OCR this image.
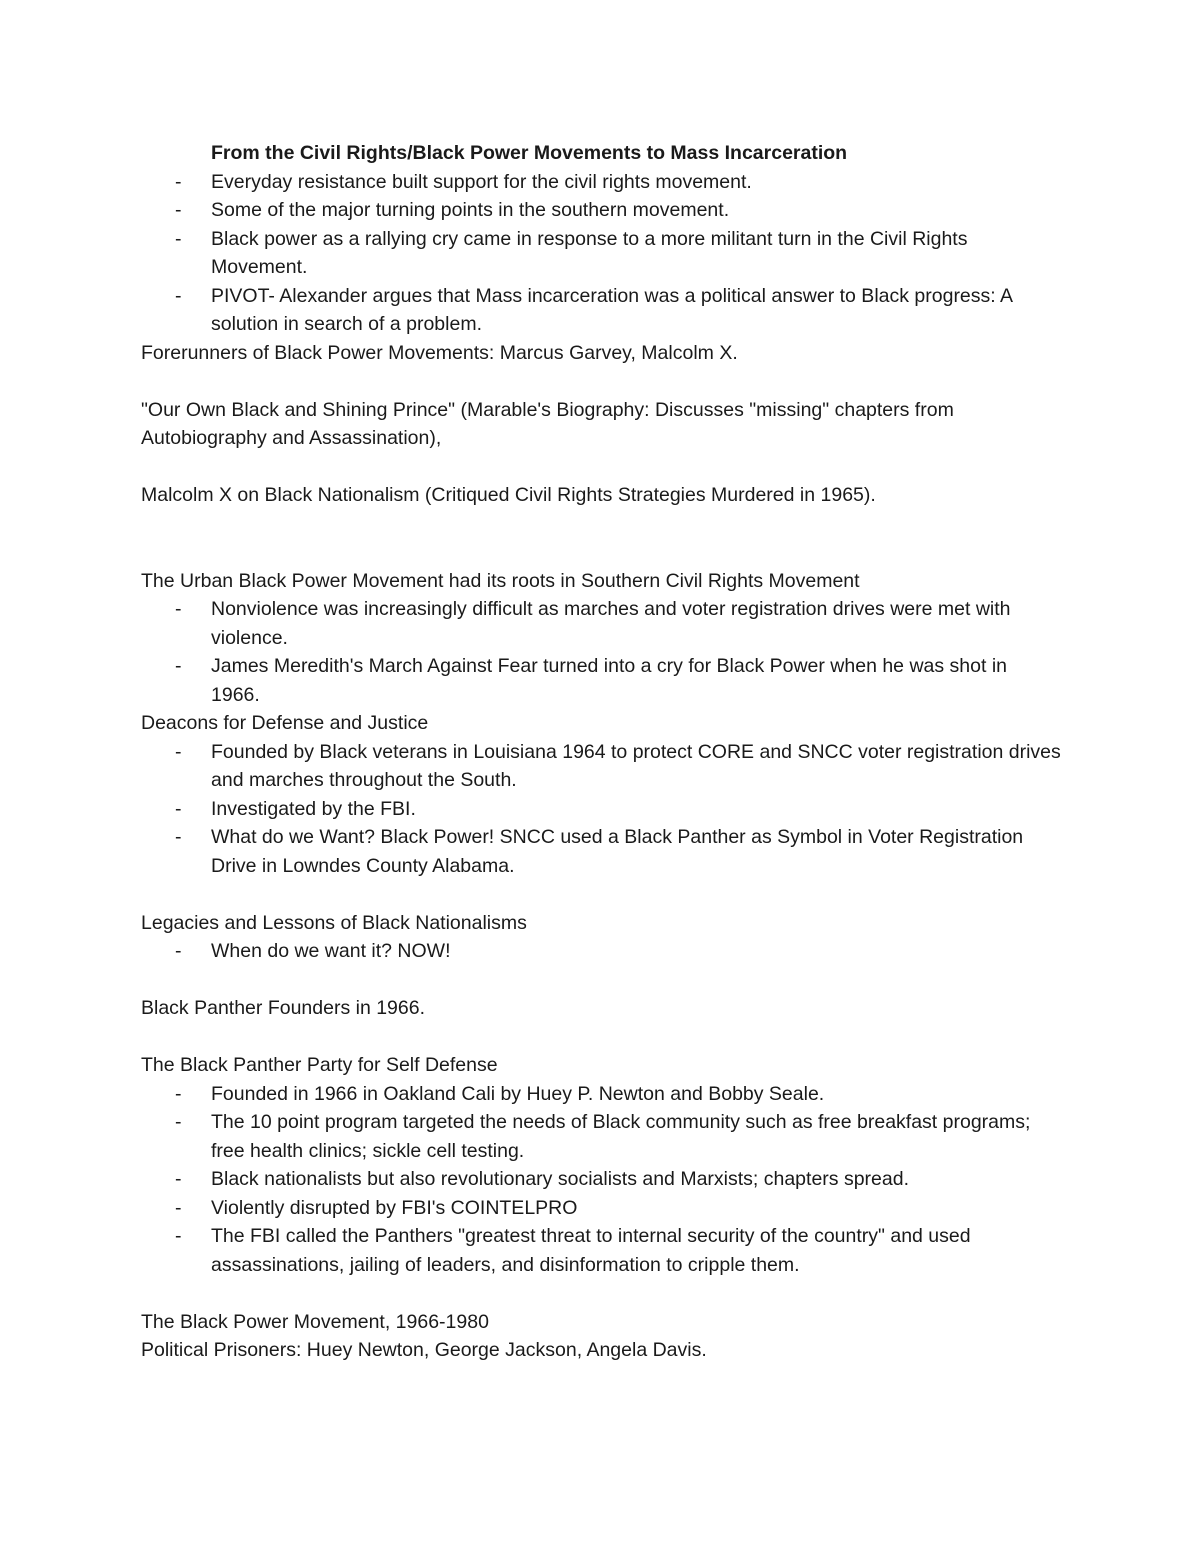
From the Civil Rights/Black Power Movements to Mass Incarceration
- Everyday resistance built support for the civil rights movement.
- Some of the major turning points in the southern movement.
- Black power as a rallying cry came in response to a more militant turn in the Civil Rights Movement.
- PIVOT- Alexander argues that Mass incarceration was a political answer to Black progress: A solution in search of a problem.

Forerunners of Black Power Movements: Marcus Garvey, Malcolm X.

"Our Own Black and Shining Prince" (Marable's Biography: Discusses "missing" chapters from Autobiography and Assassination),

Malcolm X on Black Nationalism (Critiqued Civil Rights Strategies Murdered in 1965).

The Urban Black Power Movement had its roots in Southern Civil Rights Movement

- Nonviolence was increasingly difficult as marches and voter registration drives were met with violence.
- James Meredith's March Against Fear turned into a cry for Black Power when he was shot in 1966.

Deacons for Defense and Justice

- Founded by Black veterans in Louisiana 1964 to protect CORE and SNCC voter registration drives and marches throughout the South.
- Investigated by the FBI.
- What do we Want? Black Power! SNCC used a Black Panther as Symbol in Voter Registration Drive in Lowndes County Alabama.

Legacies and Lessons of Black Nationalisms

- When do we want it? NOW!

Black Panther Founders in 1966.

The Black Panther Party for Self Defense

- Founded in 1966 in Oakland Cali by Huey P. Newton and Bobby Seale.
- The 10 point program targeted the needs of Black community such as free breakfast programs; free health clinics; sickle cell testing.
- Black nationalists but also revolutionary socialists and Marxists; chapters spread.
- Violently disrupted by FBI's COINTELPRO
- The FBI called the Panthers "greatest threat to internal security of the country" and used assassinations, jailing of leaders, and disinformation to cripple them.

The Black Power Movement, 1966-1980

Political Prisoners: Huey Newton, George Jackson, Angela Davis.
